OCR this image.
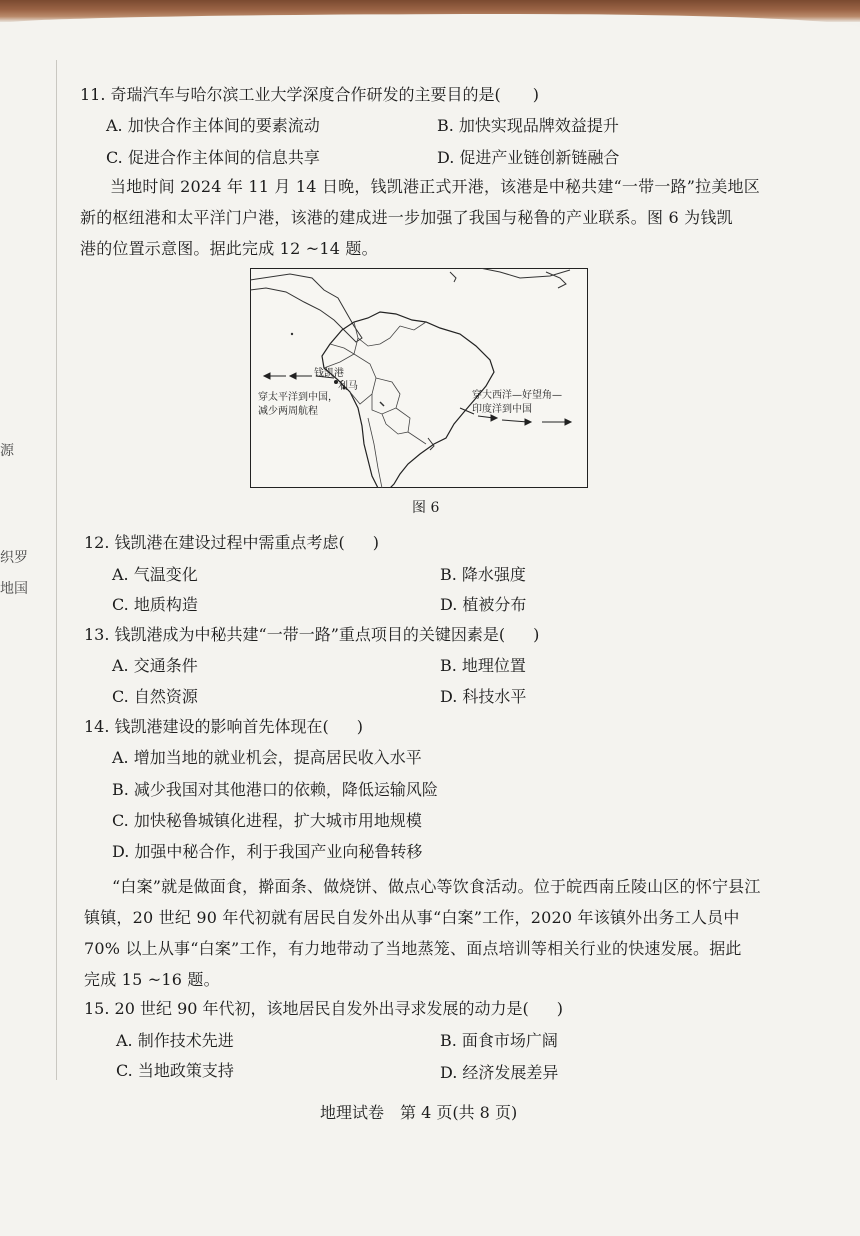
源
织罗
地国
11. 奇瑞汽车与哈尔滨工业大学深度合作研发的主要目的是( )
A. 加快合作主体间的要素流动	B. 加快实现品牌效益提升
C. 促进合作主体间的信息共享	D. 促进产业链创新链融合
当地时间 2024 年 11 月 14 日晚，钱凯港正式开港，该港是中秘共建“一带一路”拉美地区
新的枢纽港和太平洋门户港，该港的建成进一步加强了我国与秘鲁的产业联系。图 6 为钱凯
港的位置示意图。据此完成 12 ~14 题。
钱凯港
利马
穿太平洋到中国，
减少两周航程
穿大西洋—好望角—
印度洋到中国
图 6
12. 钱凯港在建设过程中需重点考虑( )
A. 气温变化	B. 降水强度
C. 地质构造	D. 植被分布
13. 钱凯港成为中秘共建“一带一路”重点项目的关键因素是( )
A. 交通条件	B. 地理位置
C. 自然资源	D. 科技水平
14. 钱凯港建设的影响首先体现在( )
A. 增加当地的就业机会，提高居民收入水平
B. 减少我国对其他港口的依赖，降低运输风险
C. 加快秘鲁城镇化进程，扩大城市用地规模
D. 加强中秘合作，利于我国产业向秘鲁转移
“白案”就是做面食，擀面条、做烧饼、做点心等饮食活动。位于皖西南丘陵山区的怀宁县江
镇镇，20 世纪 90 年代初就有居民自发外出从事“白案”工作，2020 年该镇外出务工人员中
70% 以上从事“白案”工作，有力地带动了当地蒸笼、面点培训等相关行业的快速发展。据此
完成 15 ~16 题。
15. 20 世纪 90 年代初，该地居民自发外出寻求发展的动力是( )
A. 制作技术先进	B. 面食市场广阔
C. 当地政策支持	D. 经济发展差异
地理试卷　第 4 页(共 8 页)
